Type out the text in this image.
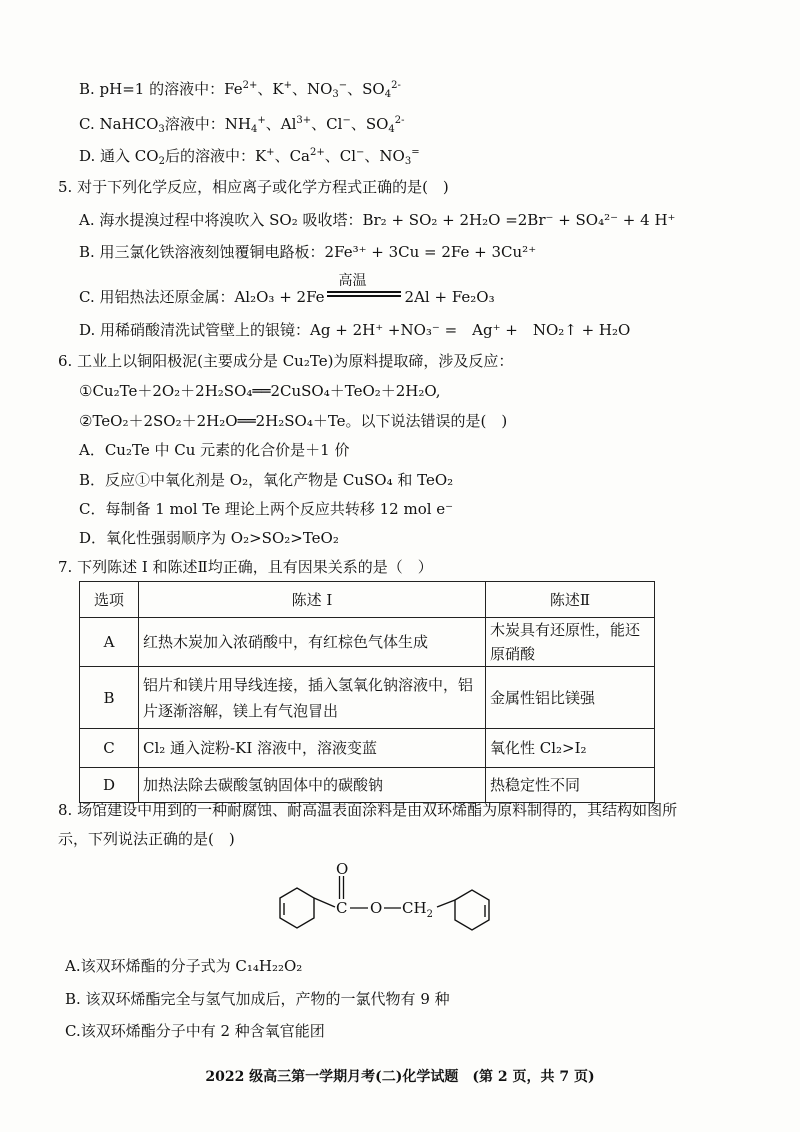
B. pH=1 的溶液中：$Fe^{2+}$、K+、$NO_3^-$、$SO_4^{2-}$
C. NaHCO$_3$溶液中：$NH_4^+$、$Al^{3+}$、Cl−、$SO_4^{2-}$
D. 通入 $CO_2$后的溶液中：K+、$Ca^{2+}$、Cl−、$NO_3^=$
5. 对于下列化学反应，相应离子或化学方程式正确的是(　)
A. 海水提溴过程中将溴吹入 SO₂ 吸收塔：Br₂ + SO₂ + 2H₂O =2Br⁻ + SO₄²⁻ + 4 H⁺
B. 用三氯化铁溶液刻蚀覆铜电路板：2Fe³⁺ + 3Cu = 2Fe + 3Cu²⁺
C. 用铝热法还原金属：Al₂O₃ + 2Fe
高温
2Al + Fe₂O₃
D. 用稀硝酸清洗试管壁上的银镜：Ag + 2H⁺ +NO₃⁻ =　Ag⁺ +　NO₂↑ + H₂O
6. 工业上以铜阳极泥(主要成分是 Cu₂Te)为原料提取碲，涉及反应：
①Cu₂Te＋2O₂＋2H₂SO₄══2CuSO₄＋TeO₂＋2H₂O,
②TeO₂＋2SO₂＋2H₂O══2H₂SO₄＋Te。以下说法错误的是(　)
A．Cu₂Te 中 Cu 元素的化合价是＋1 价
B．反应①中氧化剂是 O₂，氧化产物是 CuSO₄ 和 TeO₂
C．每制备 1 mol Te 理论上两个反应共转移 12 mol e⁻
D．氧化性强弱顺序为 O₂>SO₂>TeO₂
7. 下列陈述 I 和陈述Ⅱ均正确，且有因果关系的是（　）
选项	陈述 I	陈述Ⅱ
A	红热木炭加入浓硝酸中，有红棕色气体生成	木炭具有还原性，能还原硝酸
B	铝片和镁片用导线连接，插入氢氧化钠溶液中，铝片逐渐溶解，镁上有气泡冒出	金属性铝比镁强
C	Cl₂ 通入淀粉-KI 溶液中，溶液变蓝	氧化性 Cl₂>I₂
D	加热法除去碳酸氢钠固体中的碳酸钠	热稳定性不同
8. 场馆建设中用到的一种耐腐蚀、耐高温表面涂料是由双环烯酯为原料制得的，其结构如图所
示，下列说法正确的是(　)
C
O
O $CH_2$
A.该双环烯酯的分子式为 C₁₄H₂₂O₂
B. 该双环烯酯完全与氢气加成后，产物的一氯代物有 9 种
C.该双环烯酯分子中有 2 种含氧官能团
2022 级高三第一学期月考(二)化学试题　(第 2 页，共 7 页)
